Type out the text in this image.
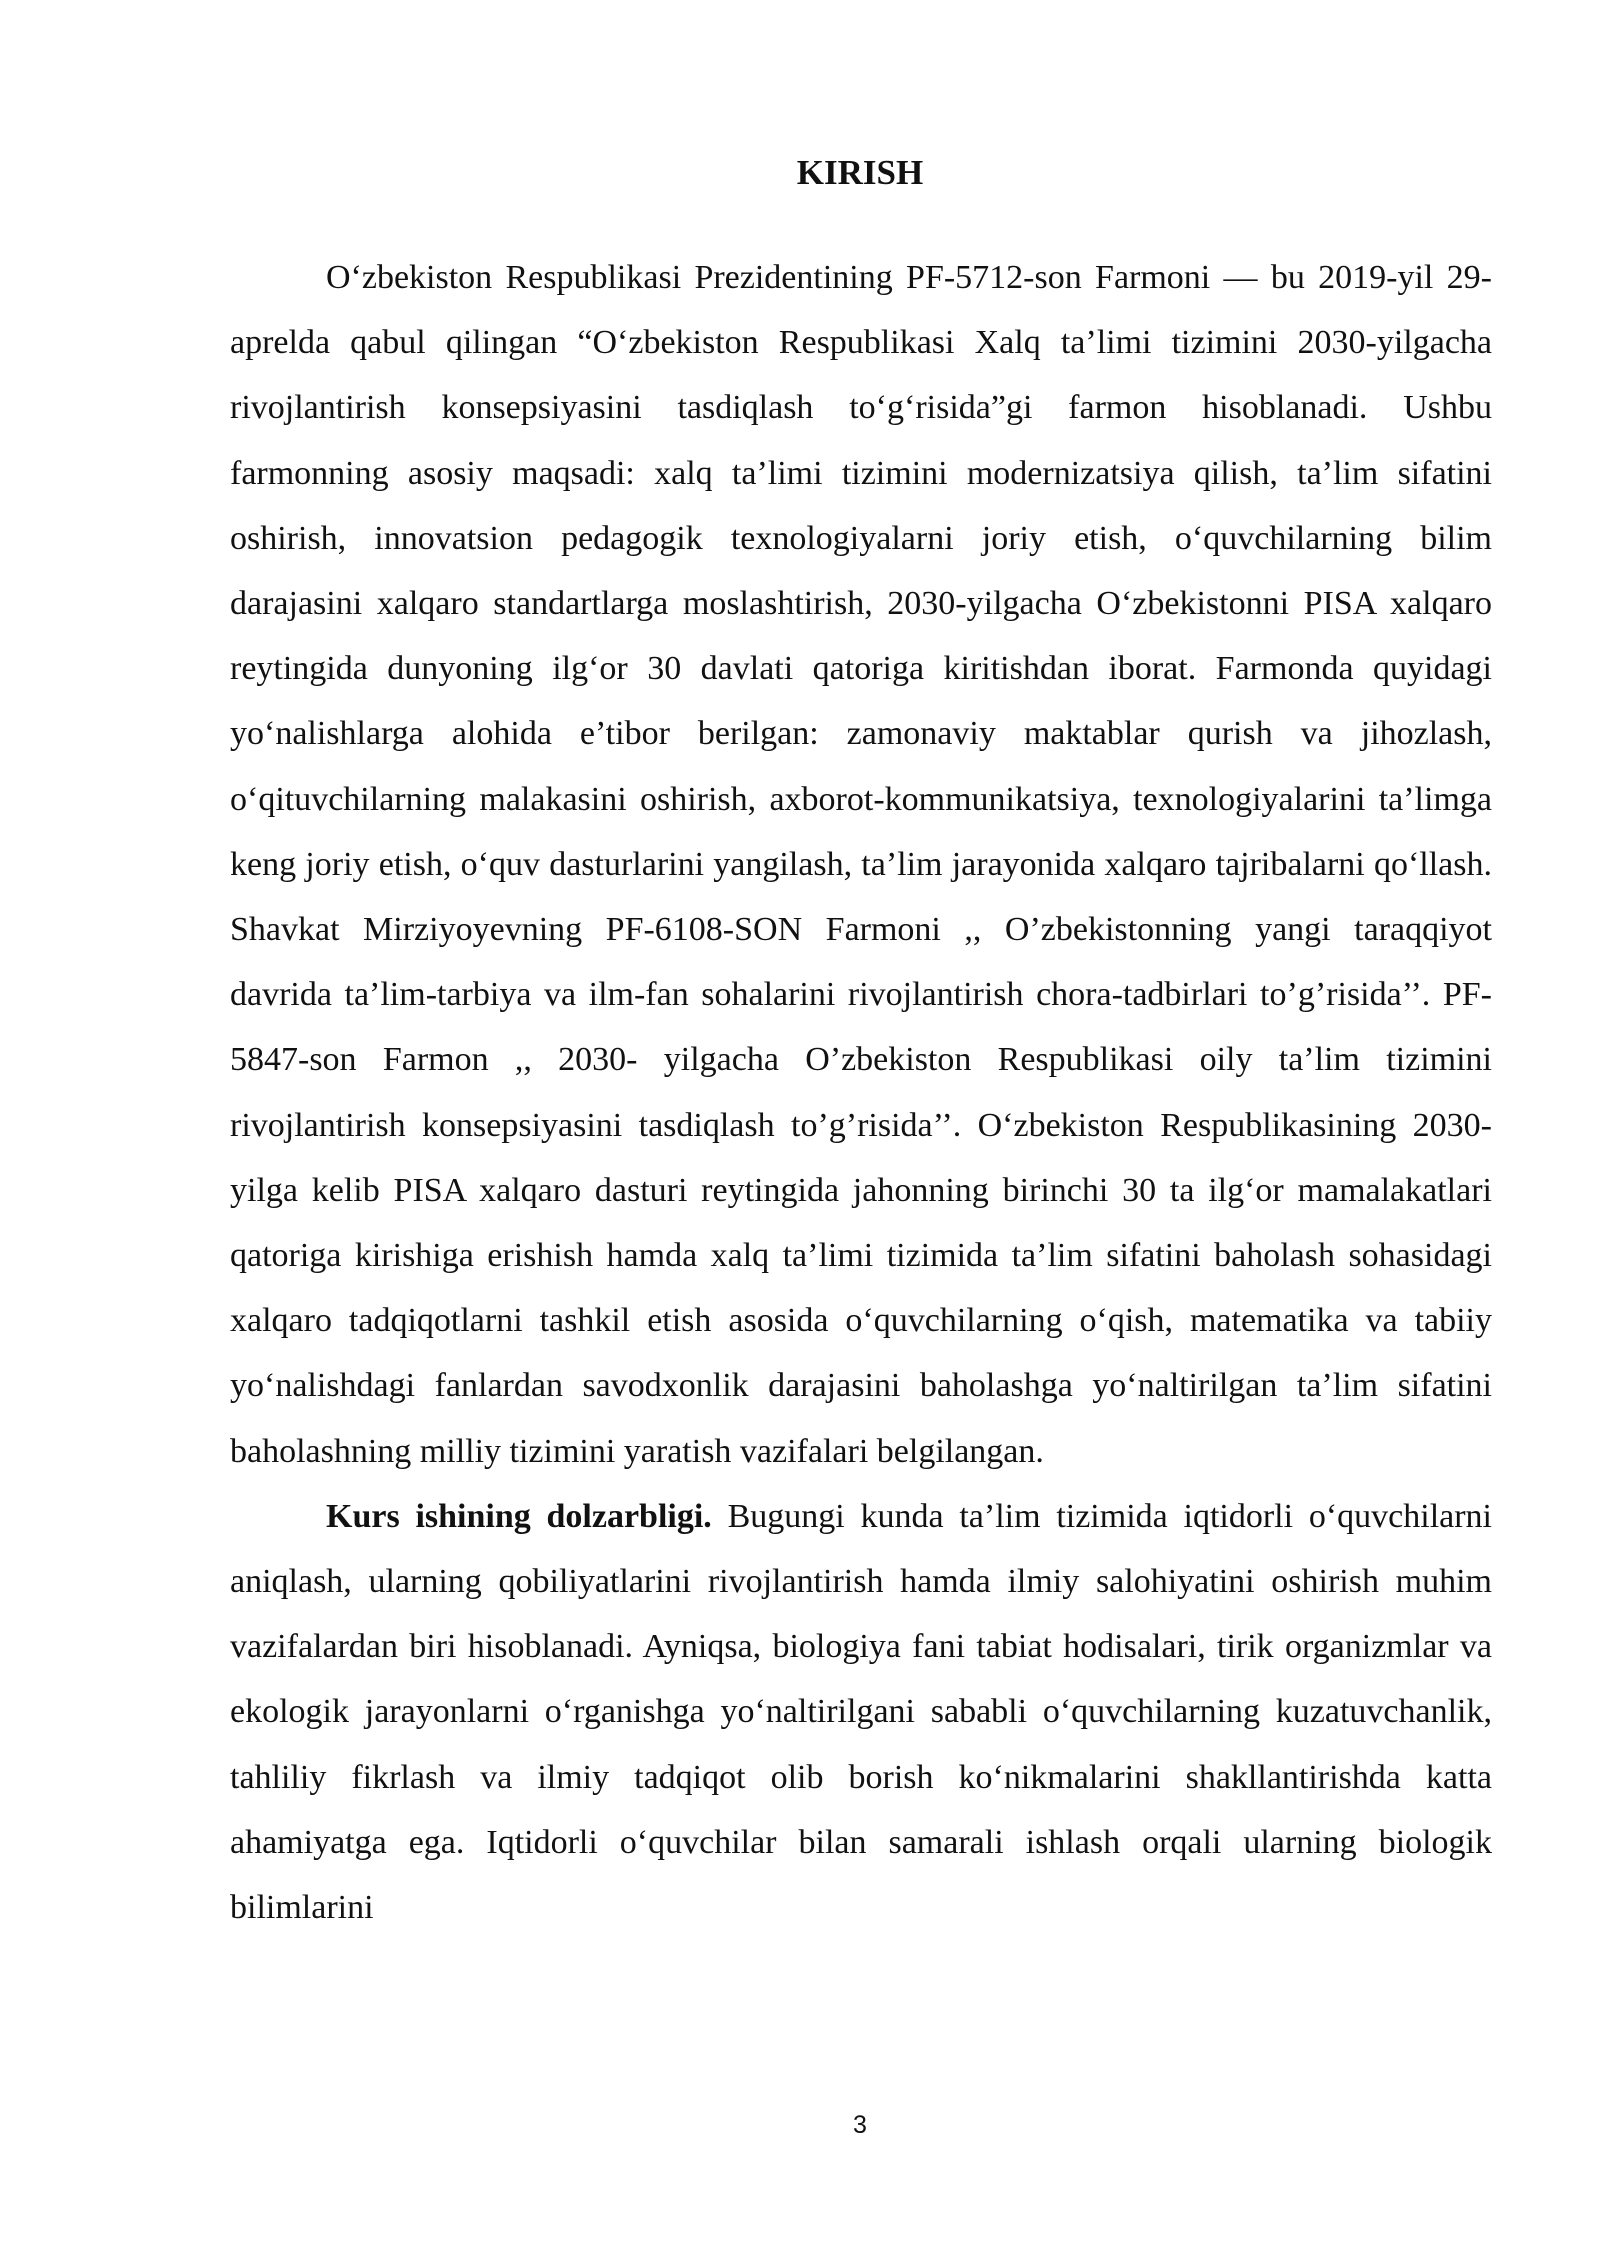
KIRISH

O‘zbekiston Respublikasi Prezidentining PF-5712-son Farmoni — bu 2019-yil 29-aprelda qabul qilingan “O‘zbekiston Respublikasi Xalq ta’limi tizimini 2030-yilgacha rivojlantirish konsepsiyasini tasdiqlash to‘g‘risida”gi farmon hisoblanadi. Ushbu farmonning asosiy maqsadi: xalq ta’limi tizimini modernizatsiya qilish, ta’lim sifatini oshirish, innovatsion pedagogik texnologiyalarni joriy etish, o‘quvchilarning bilim darajasini xalqaro standartlarga moslashtirish, 2030-yilgacha O‘zbekistonni PISA xalqaro reytingida dunyoning ilg‘or 30 davlati qatoriga kiritishdan iborat. Farmonda quyidagi yo‘nalishlarga alohida e’tibor berilgan: zamonaviy maktablar qurish va jihozlash, o‘qituvchilarning malakasini oshirish, axborot-kommunikatsiya, texnologiyalarini ta’limga keng joriy etish, o‘quv dasturlarini yangilash, ta’lim jarayonida xalqaro tajribalarni qo‘llash. Shavkat Mirziyoyevning PF-6108-SON Farmoni ,, O’zbekistonning yangi taraqqiyot davrida ta’lim-tarbiya va ilm-fan sohalarini rivojlantirish chora-tadbirlari to’g’risida’’. PF-5847-son Farmon ,, 2030- yilgacha O’zbekiston Respublikasi oily ta’lim tizimini rivojlantirish konsepsiyasini tasdiqlash to’g’risida’’. O‘zbekiston Respublikasining 2030- yilga kelib PISA xalqaro dasturi reytingida jahonning birinchi 30 ta ilg‘or mamalakatlari qatoriga kirishiga erishish hamda xalq ta’limi tizimida ta’lim sifatini baholash sohasidagi xalqaro tadqiqotlarni tashkil etish asosida o‘quvchilarning o‘qish, matematika va tabiiy yo‘nalishdagi fanlardan savodxonlik darajasini baholashga yo‘naltirilgan ta’lim sifatini baholashning milliy tizimini yaratish vazifalari belgilangan.

Kurs ishining dolzarbligi. Bugungi kunda ta’lim tizimida iqtidorli o‘quvchilarni aniqlash, ularning qobiliyatlarini rivojlantirish hamda ilmiy salohiyatini oshirish muhim vazifalardan biri hisoblanadi. Ayniqsa, biologiya fani tabiat hodisalari, tirik organizmlar va ekologik jarayonlarni o‘rganishga yo‘naltirilgani sababli o‘quvchilarning kuzatuvchanlik, tahliliy fikrlash va ilmiy tadqiqot olib borish ko‘nikmalarini shakllantirishda katta ahamiyatga ega. Iqtidorli o‘quvchilar bilan samarali ishlash orqali ularning biologik bilimlarini

3
